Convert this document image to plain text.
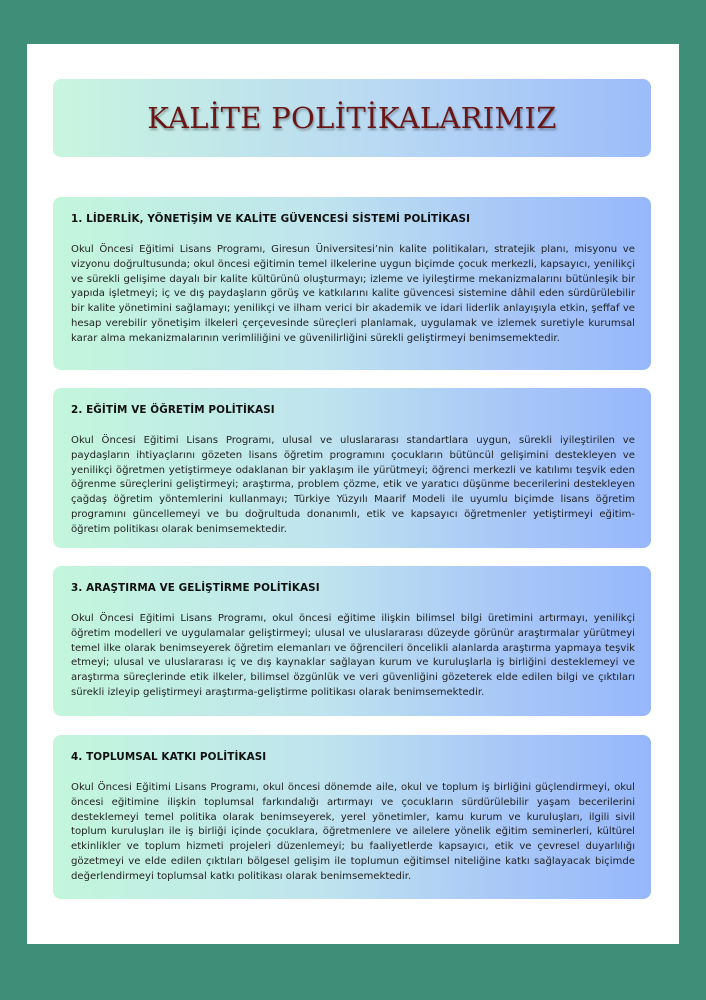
KALİTE POLİTİKALARIMIZ
1. LİDERLİK, YÖNETİŞİM VE KALİTE GÜVENCESİ SİSTEMİ POLİTİKASI

Okul Öncesi Eğitimi Lisans Programı, Giresun Üniversitesi’nin kalite politikaları, stratejik planı, misyonu ve vizyonu doğrultusunda; okul öncesi eğitimin temel ilkelerine uygun biçimde çocuk merkezli, kapsayıcı, yenilikçi ve sürekli gelişime dayalı bir kalite kültürünü oluşturmayı; izleme ve iyileştirme mekanizmalarını bütünleşik bir yapıda işletmeyi; iç ve dış paydaşların görüş ve katkılarını kalite güvencesi sistemine dâhil eden sürdürülebilir bir kalite yönetimini sağlamayı; yenilikçi ve ilham verici bir akademik ve idari liderlik anlayışıyla etkin, şeffaf ve hesap verebilir yönetişim ilkeleri çerçevesinde süreçleri planlamak, uygulamak ve izlemek suretiyle kurumsal karar alma mekanizmalarının verimliliğini ve güvenilirliğini sürekli geliştirmeyi benimsemektedir.

2. EĞİTİM VE ÖĞRETİM POLİTİKASI

Okul Öncesi Eğitimi Lisans Programı, ulusal ve uluslararası standartlara uygun, sürekli iyileştirilen ve paydaşların ihtiyaçlarını gözeten lisans öğretim programını çocukların bütüncül gelişimini destekleyen ve yenilikçi öğretmen yetiştirmeye odaklanan bir yaklaşım ile yürütmeyi; öğrenci merkezli ve katılımı teşvik eden öğrenme süreçlerini geliştirmeyi; araştırma, problem çözme, etik ve yaratıcı düşünme becerilerini destekleyen çağdaş öğretim yöntemlerini kullanmayı; Türkiye Yüzyılı Maarif Modeli ile uyumlu biçimde lisans öğretim programını güncellemeyi ve bu doğrultuda donanımlı, etik ve kapsayıcı öğretmenler yetiştirmeyi eğitim-öğretim politikası olarak benimsemektedir.

3. ARAŞTIRMA VE GELİŞTİRME POLİTİKASI

Okul Öncesi Eğitimi Lisans Programı, okul öncesi eğitime ilişkin bilimsel bilgi üretimini artırmayı, yenilikçi öğretim modelleri ve uygulamalar geliştirmeyi; ulusal ve uluslararası düzeyde görünür araştırmalar yürütmeyi temel ilke olarak benimseyerek öğretim elemanları ve öğrencileri öncelikli alanlarda araştırma yapmaya teşvik etmeyi; ulusal ve uluslararası iç ve dış kaynaklar sağlayan kurum ve kuruluşlarla iş birliğini desteklemeyi ve araştırma süreçlerinde etik ilkeler, bilimsel özgünlük ve veri güvenliğini gözeterek elde edilen bilgi ve çıktıları sürekli izleyip geliştirmeyi araştırma-geliştirme politikası olarak benimsemektedir.

4. TOPLUMSAL KATKI POLİTİKASI

Okul Öncesi Eğitimi Lisans Programı, okul öncesi dönemde aile, okul ve toplum iş birliğini güçlendirmeyi, okul öncesi eğitimine ilişkin toplumsal farkındalığı artırmayı ve çocukların sürdürülebilir yaşam becerilerini desteklemeyi temel politika olarak benimseyerek, yerel yönetimler, kamu kurum ve kuruluşları, ilgili sivil toplum kuruluşları ile iş birliği içinde çocuklara, öğretmenlere ve ailelere yönelik eğitim seminerleri, kültürel etkinlikler ve toplum hizmeti projeleri düzenlemeyi; bu faaliyetlerde kapsayıcı, etik ve çevresel duyarlılığı gözetmeyi ve elde edilen çıktıları bölgesel gelişim ile toplumun eğitimsel niteliğine katkı sağlayacak biçimde değerlendirmeyi toplumsal katkı politikası olarak benimsemektedir.
